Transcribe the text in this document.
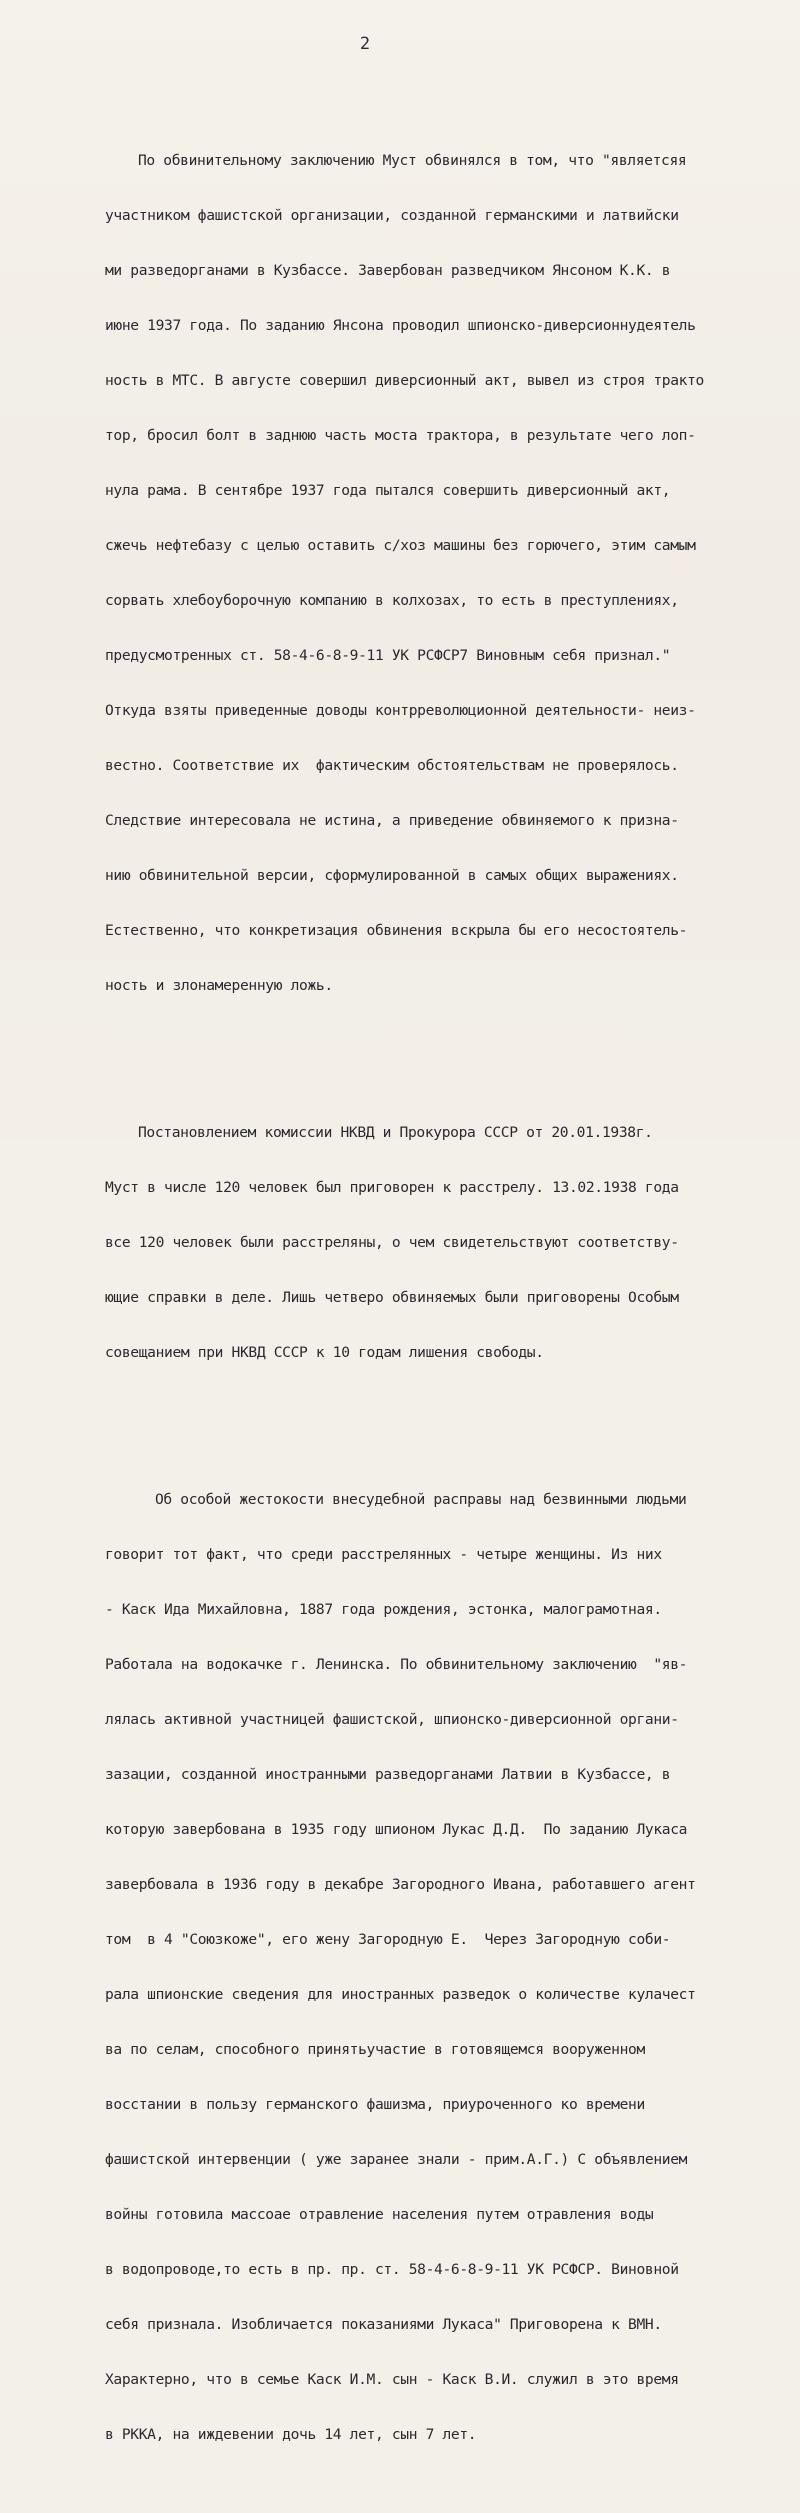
2

По обвинительному заключению Муст обвинялся в том, что "являетсяя

участником фашистской организации, созданной германскими и латвийски

ми разведорганами в Кузбассе. Завербован разведчиком Янсоном К.К. в

июне 1937 года. По заданию Янсона проводил шпионско-диверсионнудеятель

ность в МТС. В августе совершил диверсионный акт, вывел из строя тракто

тор, бросил болт в заднюю часть моста трактора, в результате чего лоп-

нула рама. В сентябре 1937 года пытался совершить диверсионный акт,

сжечь нефтебазу с целью оставить с/хоз машины без горючего, этим самым

сорвать хлебоуборочную компанию в колхозах, то есть в преступлениях,

предусмотренных ст. 58-4-6-8-9-11 УК РСФСР7 Виновным себя признал."

Откуда взяты приведенные доводы контрреволюционной деятельности- неиз-

вестно. Соответствие их  фактическим обстоятельствам не проверялось.

Следствие интересовала не истина, а приведение обвиняемого к призна-

нию обвинительной версии, сформулированной в самых общих выражениях.

Естественно, что конкретизация обвинения вскрыла бы его несостоятель-

ность и злонамеренную ложь.

Постановлением комиссии НКВД и Прокурора СССР от 20.01.1938г.

Муст в числе 120 человек был приговорен к расстрелу. 13.02.1938 года

все 120 человек были расстреляны, о чем свидетельствуют соответству-

ющие справки в деле. Лишь четверо обвиняемых были приговорены Особым

совещанием при НКВД СССР к 10 годам лишения свободы.

Об особой жестокости внесудебной расправы над безвинными людьми

говорит тот факт, что среди расстрелянных - четыре женщины. Из них

- Каск Ида Михайловна, 1887 года рождения, эстонка, малограмотная.

Работала на водокачке г. Ленинска. По обвинительному заключению  "яв-

лялась активной участницей фашистской, шпионско-диверсионной органи-

зазации, созданной иностранными разведорганами Латвии в Кузбассе, в

которую завербована в 1935 году шпионом Лукас Д.Д.  По заданию Лукаса

завербовала в 1936 году в декабре Загородного Ивана, работавшего агент

том  в 4 "Союзкоже", его жену Загородную Е.  Через Загородную соби-

рала шпионские сведения для иностранных разведок о количестве кулачест

ва по селам, способного принятьучастие в готовящемся вооруженном

восстании в пользу германского фашизма, приуроченного ко времени

фашистской интервенции ( уже заранее знали - прим.А.Г.) С объявлением

войны готовила массоае отравление населения путем отравления воды

в водопроводе,то есть в пр. пр. ст. 58-4-6-8-9-11 УК РСФСР. Виновной

себя признала. Изобличается показаниями Лукаса" Приговорена к ВМН.

Характерно, что в семье Каск И.М. сын - Каск В.И. служил в это время

в РККА, на иждевении дочь 14 лет, сын 7 лет.
